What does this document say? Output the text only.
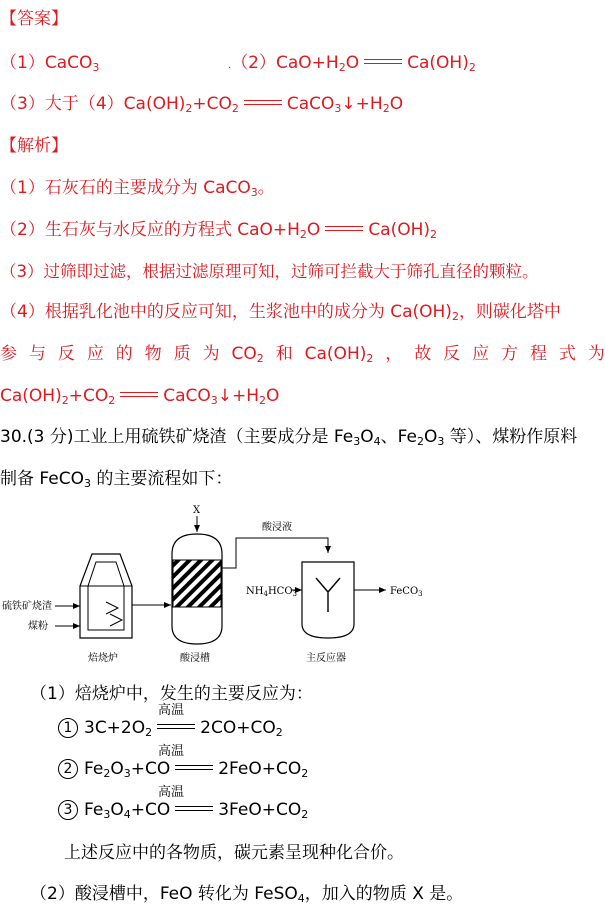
【答案】
（1）CaCO$_3$	$.(2)CaO+H_2O$	$Ca(OH)_2$
（3）大于$(4)Ca(OH)_2+CO_2$	$CaCO_3↓+H_2O$
【解析】
（1）石灰石的主要成分为 CaCO$_3$。
（2）生石灰与水反应的方程式 $CaO+H_2O$	$Ca(OH)_2$
（3）过筛即过滤，根据过滤原理可知，过筛可拦截大于筛孔直径的颗粒。
（4）根据乳化池中的反应可知，生浆池中的成分为 $Ca(OH)_2$，则碳化塔中
参 与 反 应 的 物 质 为 $CO_2$ 和 $Ca(OH)_2$ ， 故 反 应 方 程 式 为
$Ca(OH)_2+CO_2$	$CaCO_3↓+H_2O$
30.(3 分)工业上用硫铁矿烧渣（主要成分是 $Fe_3O_4$、$Fe_2O_3$ 等）、煤粉作原料
制备 FeCO$_3$ 的主要流程如下：
X
酸浸槽
焙烧炉
硫铁矿烧渣
煤粉
酸浸液
主反应器
$NH_4HCO_3$	FeCO$_3$
（1）焙烧炉中，发生的主要反应为：
高温
1 $3C+2O_2$	$2CO+CO_2$
高温
2 $Fe_2O_3+CO$	$2FeO+CO_2$
高温
3 $Fe_3O_4+CO$	$3FeO+CO_2$
上述反应中的各物质，碳元素呈现种化合价。
（2）酸浸槽中，FeO 转化为 FeSO$_4$，加入的物质 X 是。
